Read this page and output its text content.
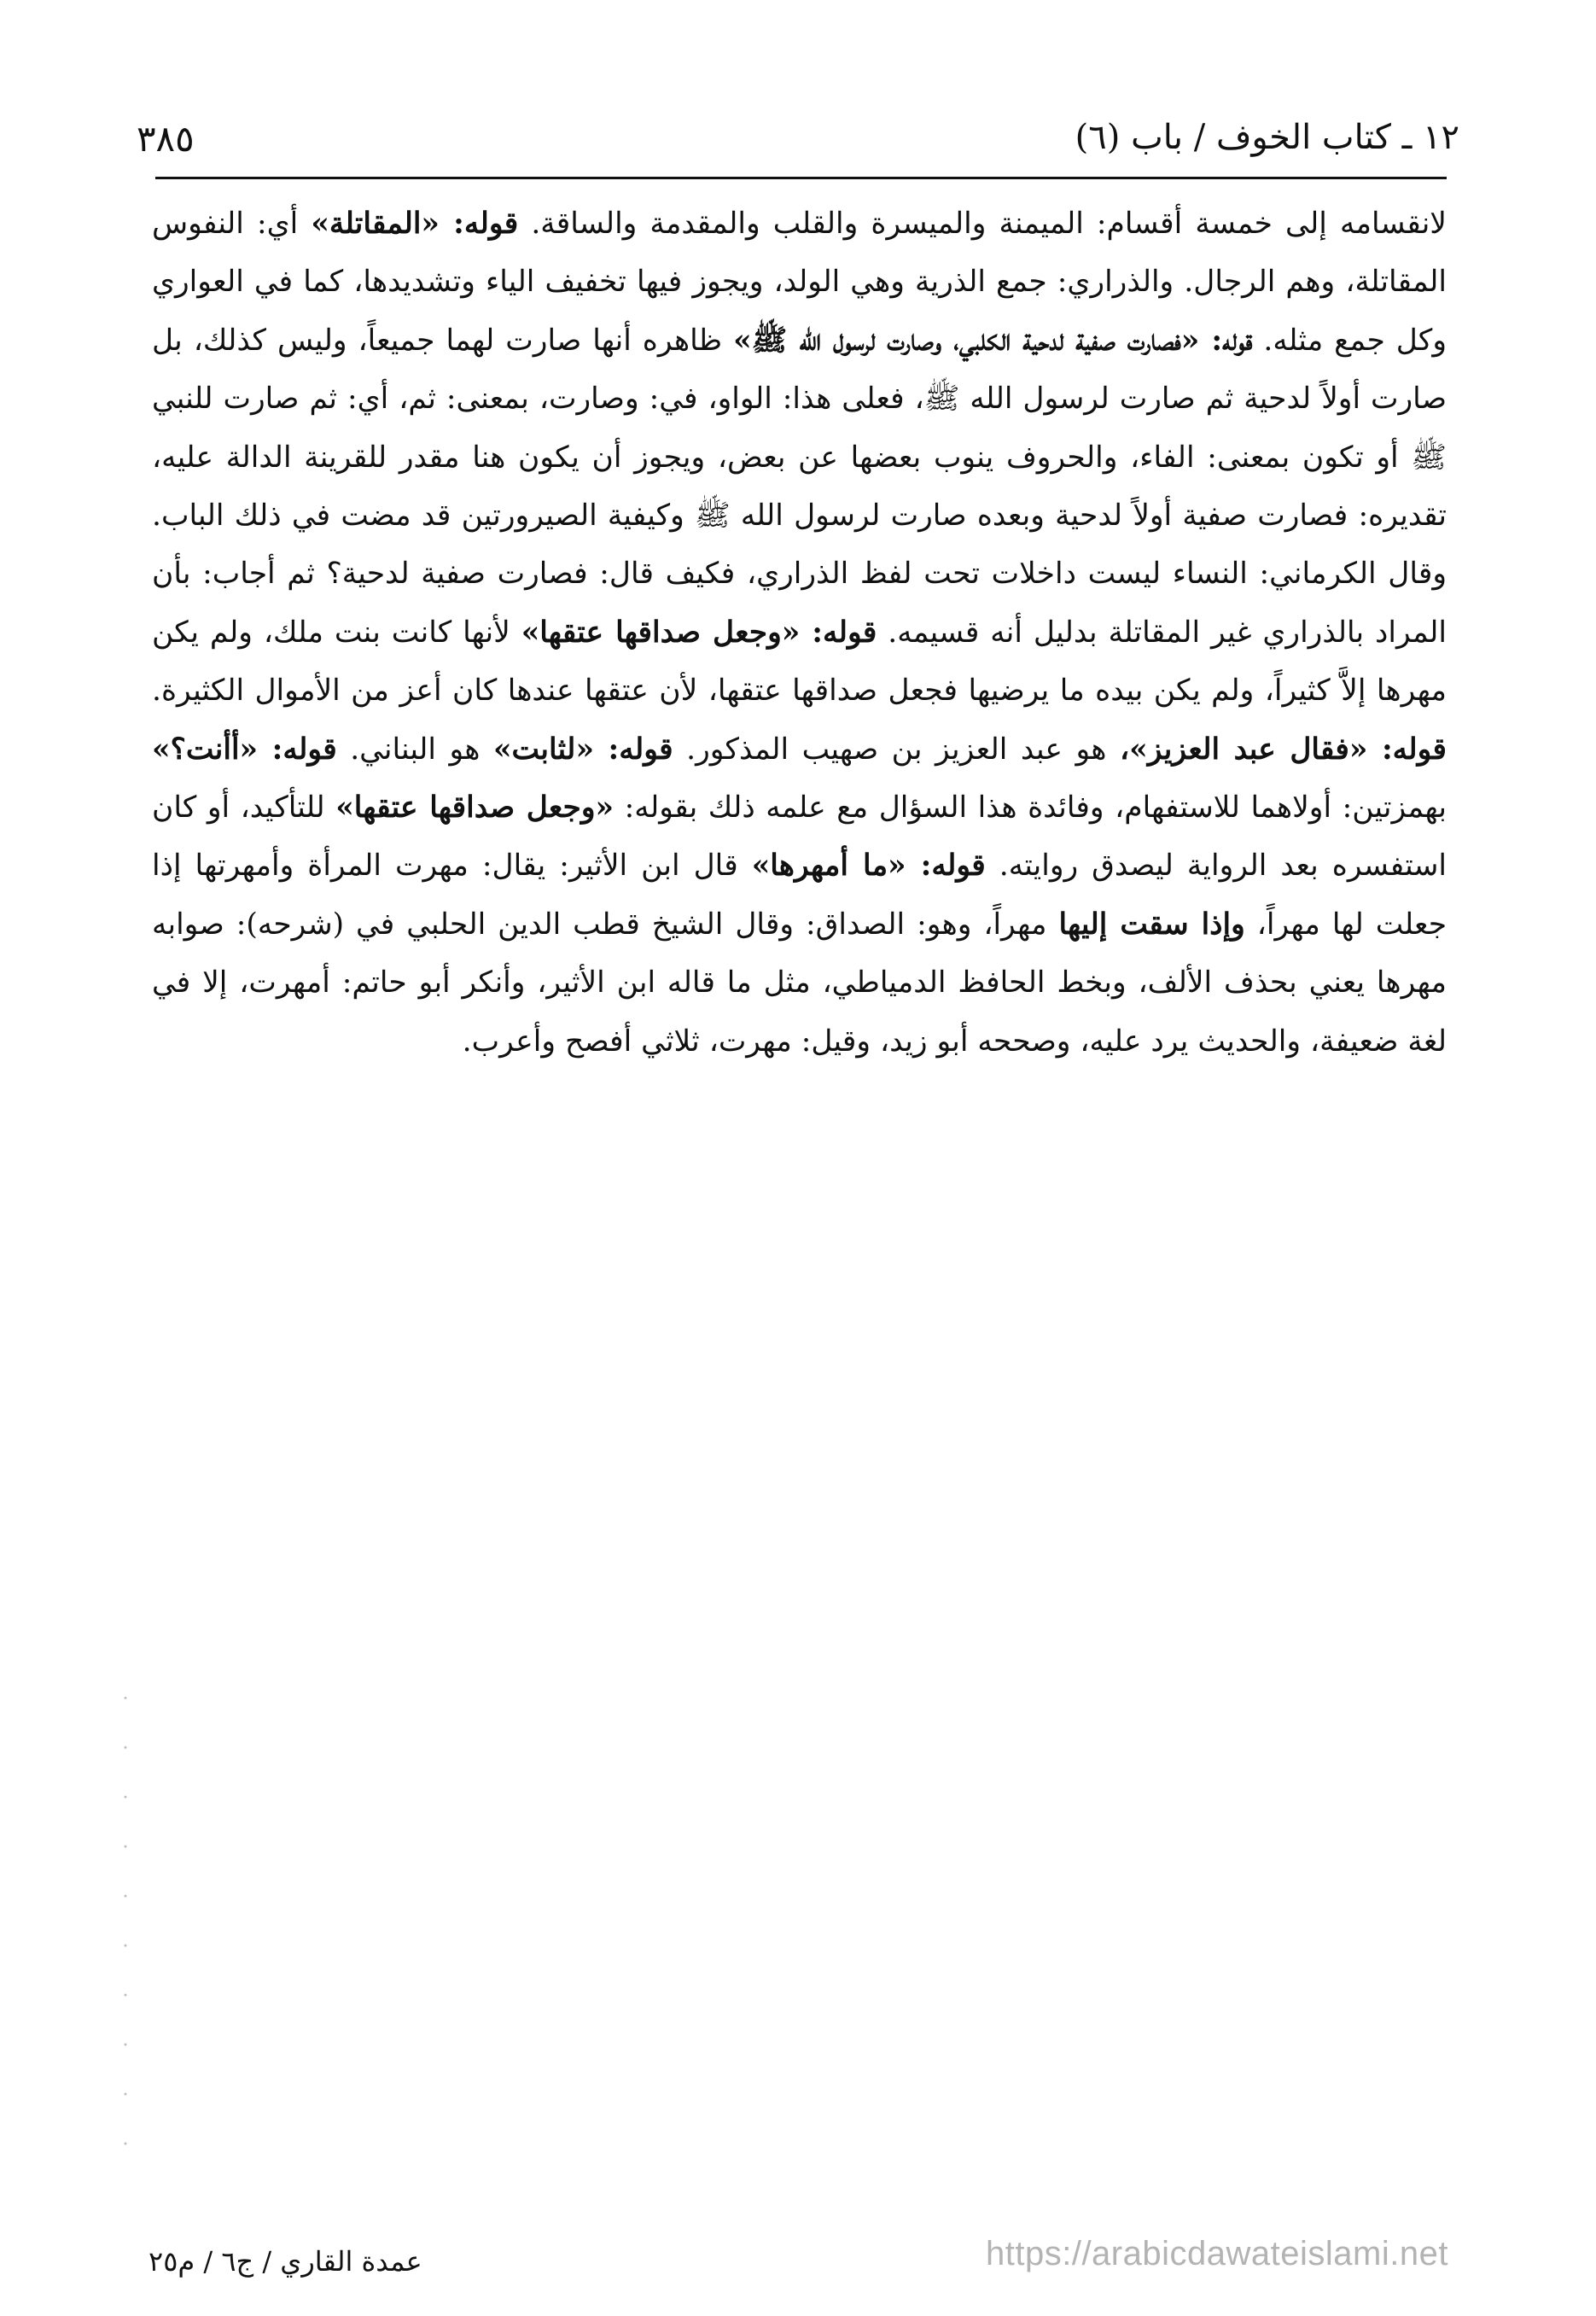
١٢ ـ كتاب الخوف / باب (٦)
٣٨٥
لانقسامه إلى خمسة أقسام: الميمنة والميسرة والقلب والمقدمة والساقة. قوله: «المقاتلة» أي: النفوس المقاتلة، وهم الرجال. والذراري: جمع الذرية وهي الولد، ويجوز فيها تخفيف الياء وتشديدها، كما في العواري وكل جمع مثله. قوله: «فصارت صفية لدحية الكلبي، وصارت لرسول الله ﷺ» ظاهره أنها صارت لهما جميعاً، وليس كذلك، بل صارت أولاً لدحية ثم صارت لرسول الله ﷺ، فعلى هذا: الواو، في: وصارت، بمعنى: ثم، أي: ثم صارت للنبي ﷺ أو تكون بمعنى: الفاء، والحروف ينوب بعضها عن بعض، ويجوز أن يكون هنا مقدر للقرينة الدالة عليه، تقديره: فصارت صفية أولاً لدحية وبعده صارت لرسول الله ﷺ وكيفية الصيرورتين قد مضت في ذلك الباب. وقال الكرماني: النساء ليست داخلات تحت لفظ الذراري، فكيف قال: فصارت صفية لدحية؟ ثم أجاب: بأن المراد بالذراري غير المقاتلة بدليل أنه قسيمه. قوله: «وجعل صداقها عتقها» لأنها كانت بنت ملك، ولم يكن مهرها إلاَّ كثيراً، ولم يكن بيده ما يرضيها فجعل صداقها عتقها، لأن عتقها عندها كان أعز من الأموال الكثيرة. قوله: «فقال عبد العزيز»، هو عبد العزيز بن صهيب المذكور. قوله: «لثابت» هو البناني. قوله: «أأنت؟» بهمزتين: أولاهما للاستفهام، وفائدة هذا السؤال مع علمه ذلك بقوله: «وجعل صداقها عتقها» للتأكيد، أو كان استفسره بعد الرواية ليصدق روايته. قوله: «ما أمهرها» قال ابن الأثير: يقال: مهرت المرأة وأمهرتها إذا جعلت لها مهراً، وإذا سقت إليها مهراً، وهو: الصداق: وقال الشيخ قطب الدين الحلبي في (شرحه): صوابه مهرها يعني بحذف الألف، وبخط الحافظ الدمياطي، مثل ما قاله ابن الأثير، وأنكر أبو حاتم: أمهرت، إلا في لغة ضعيفة، والحديث يرد عليه، وصححه أبو زيد، وقيل: مهرت، ثلاثي أفصح وأعرب.
عمدة القاري / ج٦ / م٢٥	https://arabicdawateislami.net
